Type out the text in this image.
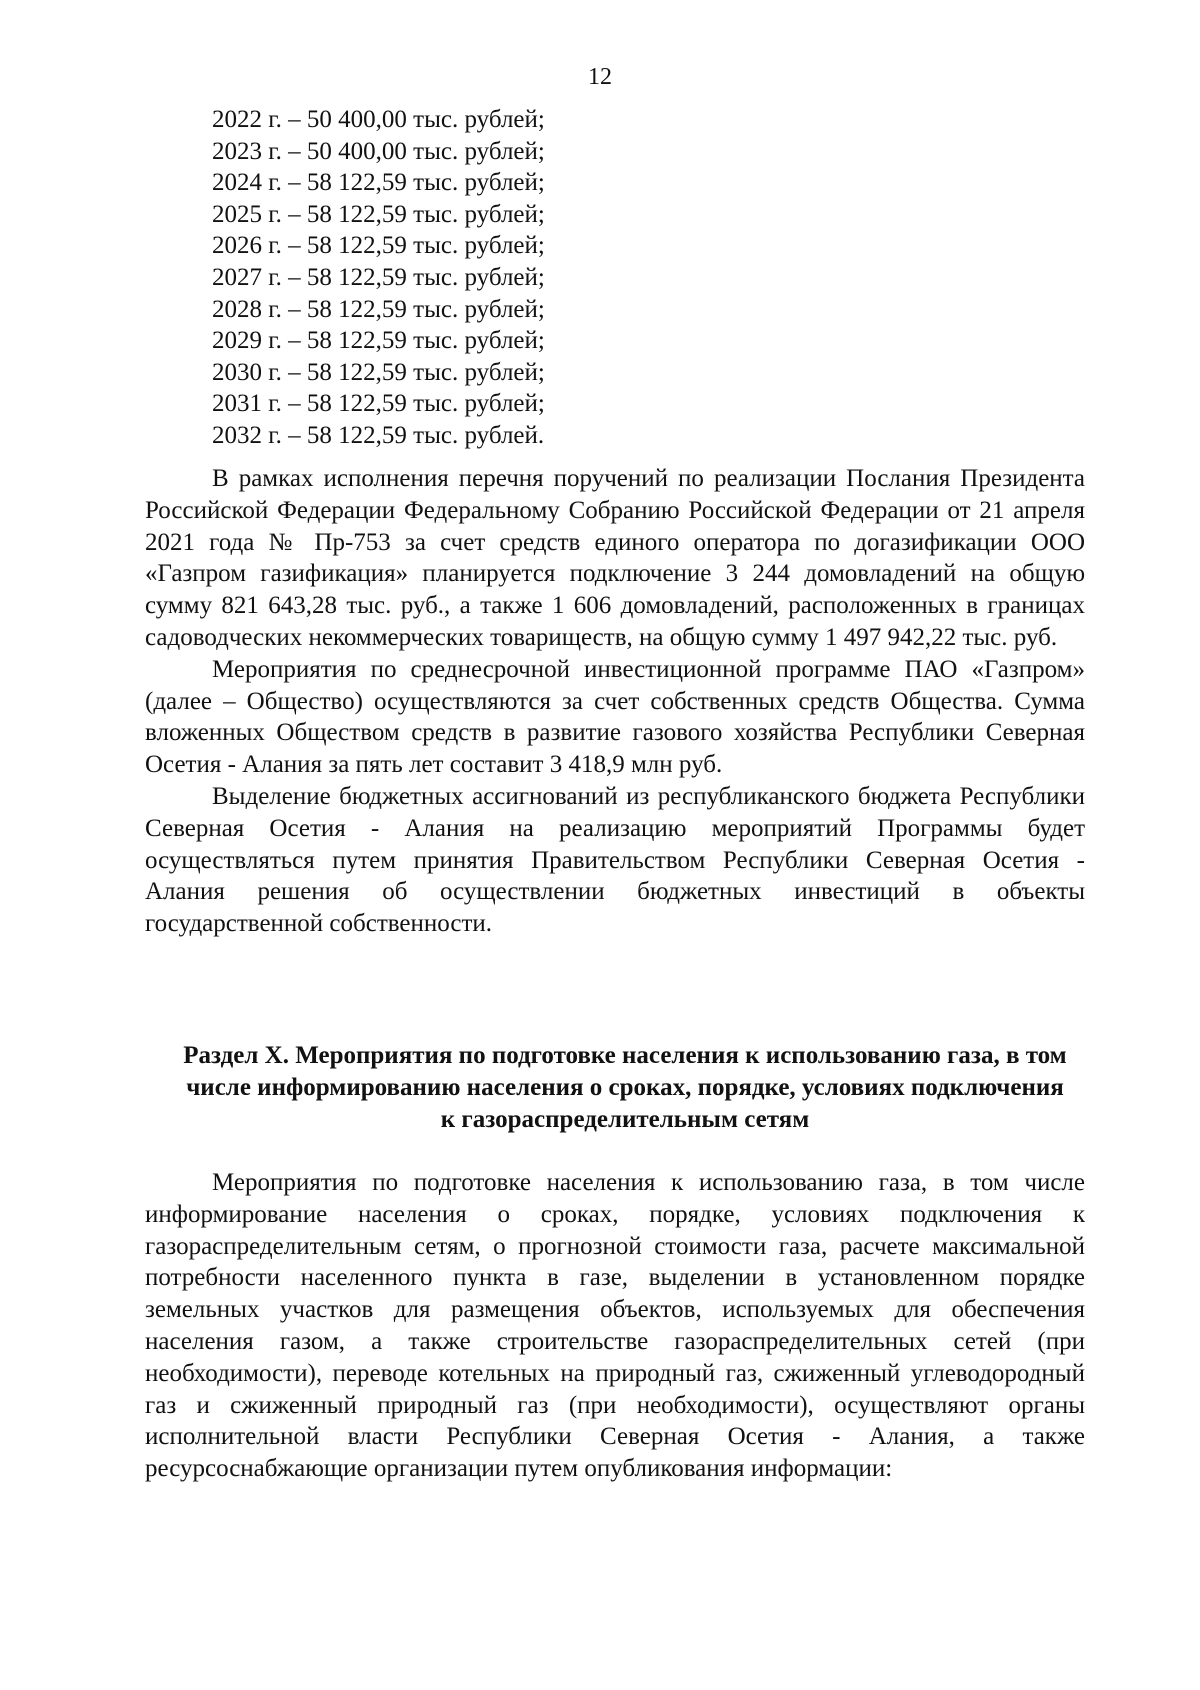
12
2022 г. – 50 400,00 тыс. рублей;
2023 г. – 50 400,00 тыс. рублей;
2024 г. – 58 122,59 тыс. рублей;
2025 г. – 58 122,59 тыс. рублей;
2026 г. – 58 122,59 тыс. рублей;
2027 г. – 58 122,59 тыс. рублей;
2028 г. – 58 122,59 тыс. рублей;
2029 г. – 58 122,59 тыс. рублей;
2030 г. – 58 122,59 тыс. рублей;
2031 г. – 58 122,59 тыс. рублей;
2032 г. – 58 122,59 тыс. рублей.

В рамках исполнения перечня поручений по реализации Послания Президента Российской Федерации Федеральному Собранию Российской Федерации от 21 апреля 2021 года № Пр-753 за счет средств единого оператора по догазификации ООО «Газпром газификация» планируется подключение 3 244 домовладений на общую сумму 821 643,28 тыс. руб., а также 1 606 домовладений, расположенных в границах садоводческих некоммерческих товариществ, на общую сумму 1 497 942,22 тыс. руб.

Мероприятия по среднесрочной инвестиционной программе ПАО «Газпром» (далее – Общество) осуществляются за счет собственных средств Общества. Сумма вложенных Обществом средств в развитие газового хозяйства Республики Северная Осетия - Алания за пять лет составит 3 418,9 млн руб.

Выделение бюджетных ассигнований из республиканского бюджета Республики Северная Осетия - Алания на реализацию мероприятий Программы будет осуществляться путем принятия Правительством Республики Северная Осетия - Алания решения об осуществлении бюджетных инвестиций в объекты государственной собственности.

Раздел X. Мероприятия по подготовке населения к использованию газа, в том числе информированию населения о сроках, порядке, условиях подключения к газораспределительным сетям

Мероприятия по подготовке населения к использованию газа, в том числе информирование населения о сроках, порядке, условиях подключения к газораспределительным сетям, о прогнозной стоимости газа, расчете максимальной потребности населенного пункта в газе, выделении в установленном порядке земельных участков для размещения объектов, используемых для обеспечения населения газом, а также строительстве газораспределительных сетей (при необходимости), переводе котельных на природный газ, сжиженный углеводородный газ и сжиженный природный газ (при необходимости), осуществляют органы исполнительной власти Республики Северная Осетия - Алания, а также ресурсоснабжающие организации путем опубликования информации:
